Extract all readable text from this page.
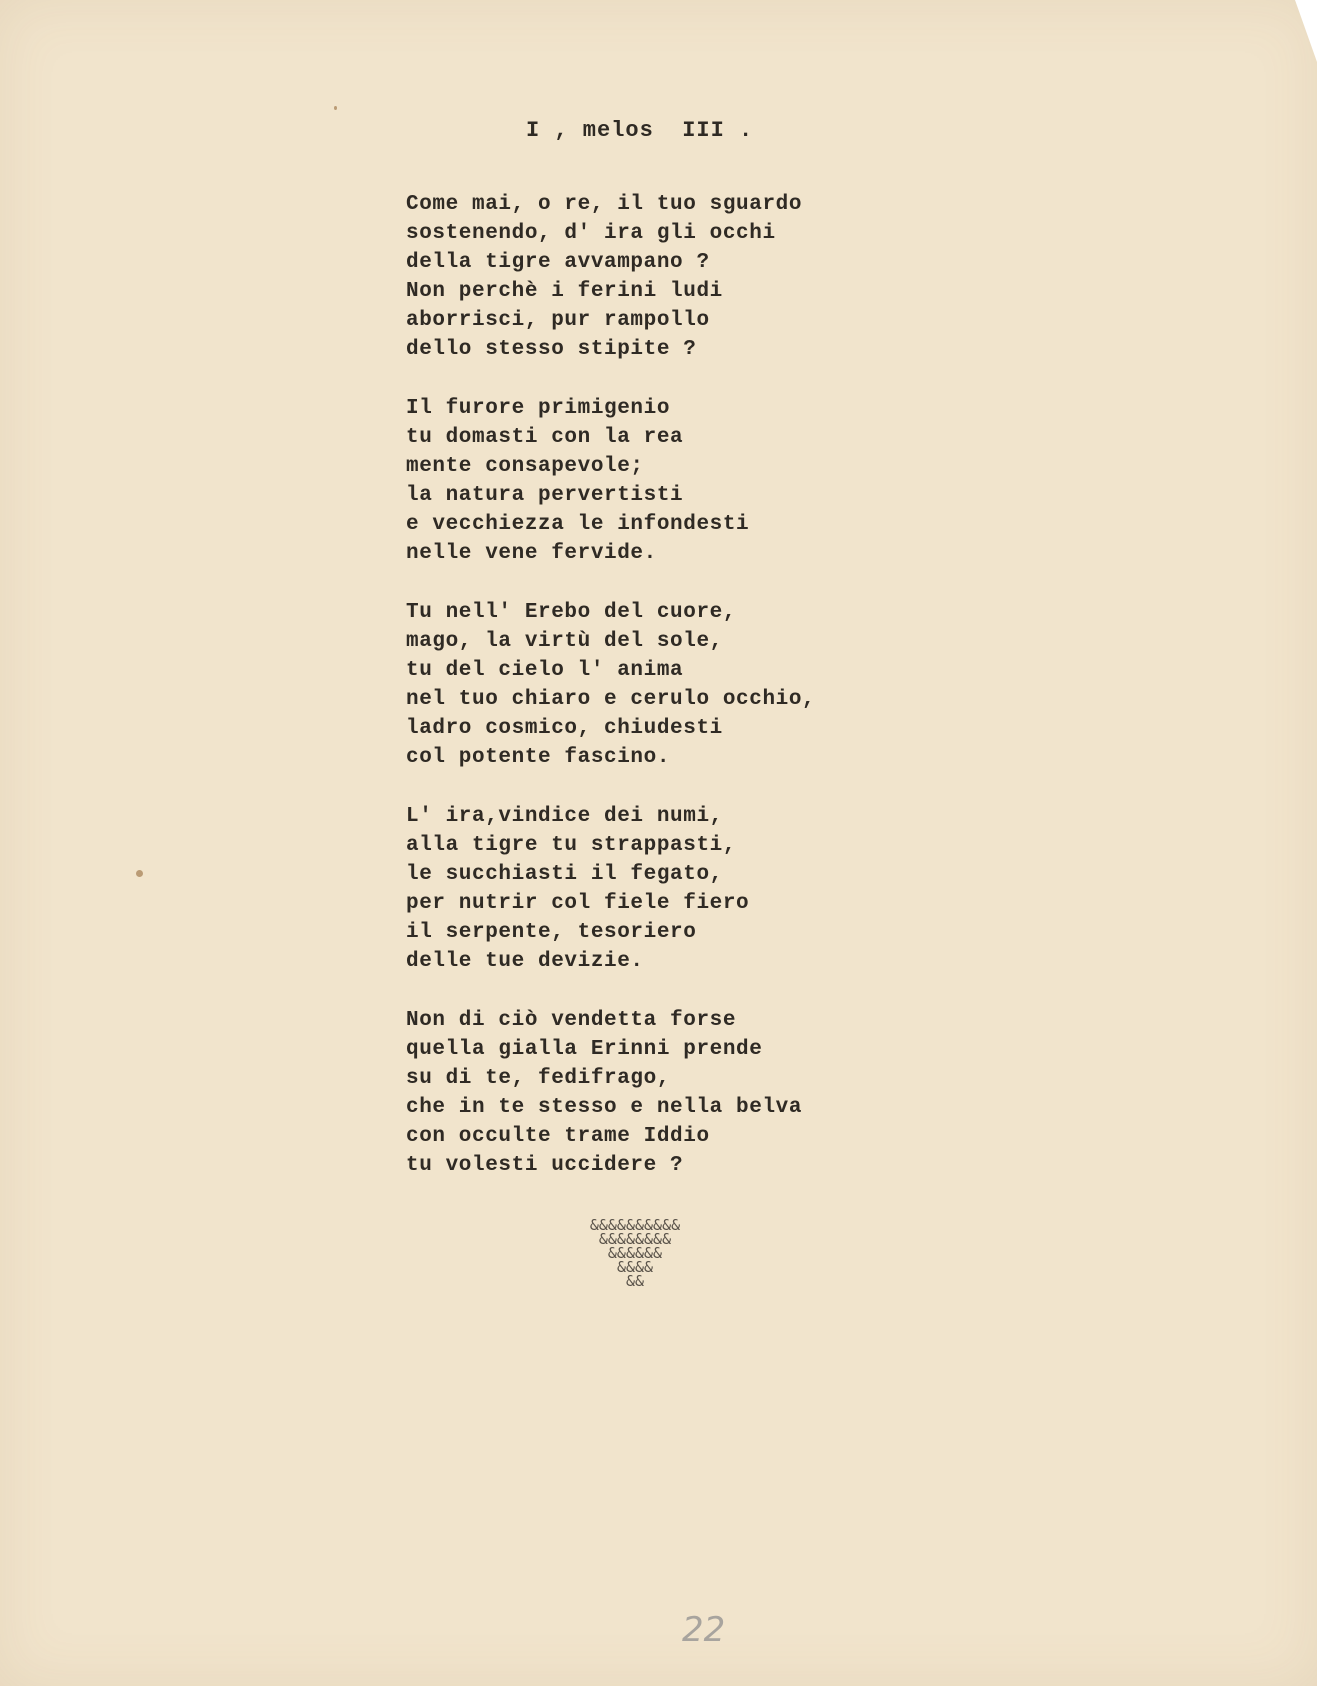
I , melos  III .
Come mai, o re, il tuo sguardo
sostenendo, d' ira gli occhi
della tigre avvampano ?
Non perchè i ferini ludi
aborrisci, pur rampollo
dello stesso stipite ?
Il furore primigenio
tu domasti con la rea
mente consapevole;
la natura pervertisti
e vecchiezza le infondesti
nelle vene fervide.
Tu nell' Erebo del cuore,
mago, la virtù del sole,
tu del cielo l' anima
nel tuo chiaro e cerulo occhio,
ladro cosmico, chiudesti
col potente fascino.
L' ira,vindice dei numi,
alla tigre tu strappasti,
le succhiasti il fegato,
per nutrir col fiele fiero
il serpente, tesoriero
delle tue devizie.
Non di ciò vendetta forse
quella gialla Erinni prende
su di te, fedifrago,
che in te stesso e nella belva
con occulte trame Iddio
tu volesti uccidere ?
&&&&&&&&&&
&&&&&&&&
&&&&&&
&&&&
&&
22
